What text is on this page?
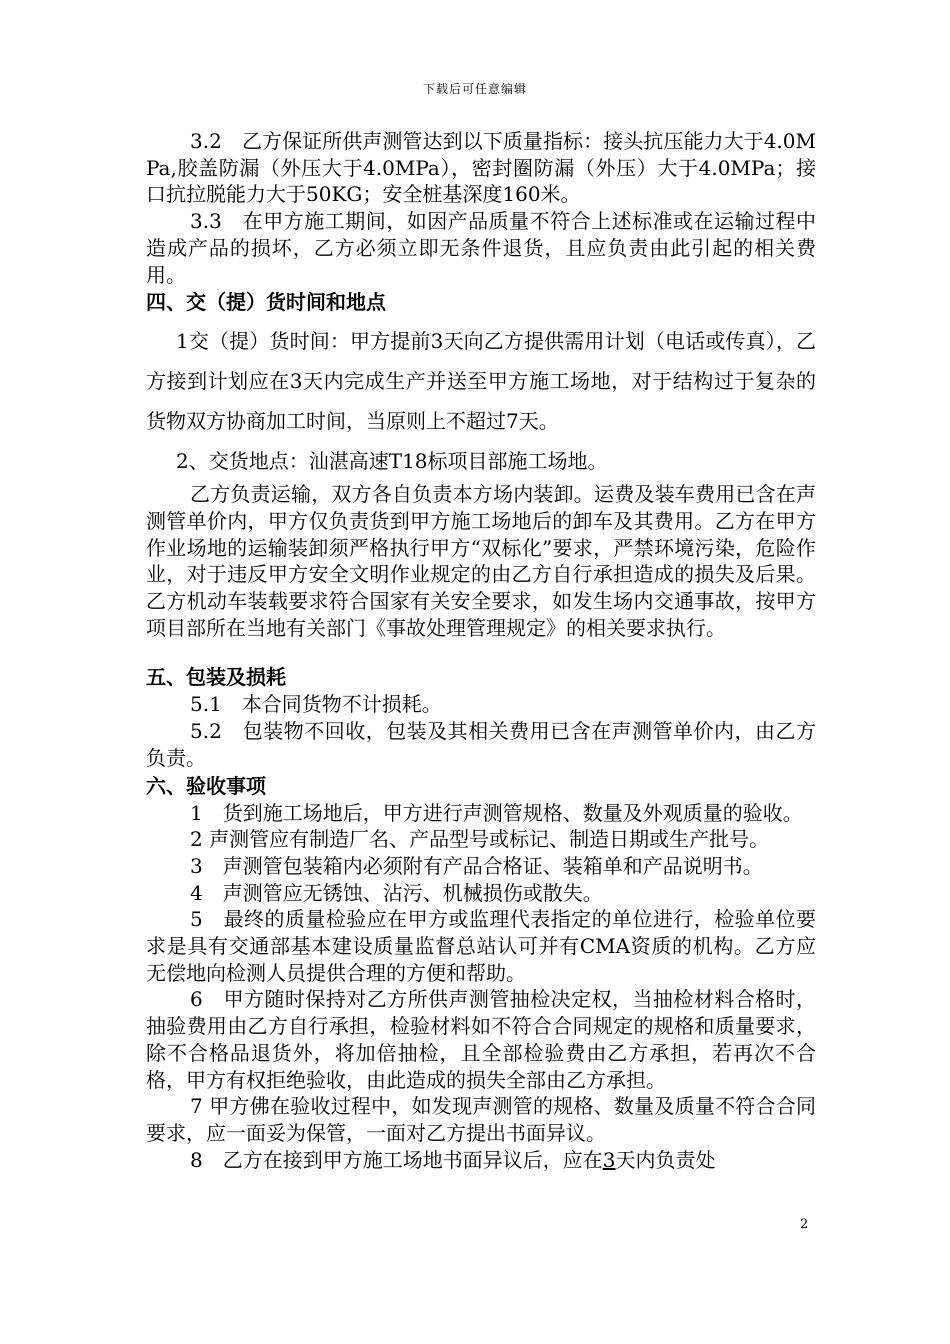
下载后可任意编辑

3.2　乙方保证所供声测管达到以下质量指标：接头抗压能力大于4.0MPa,胶盖防漏（外压大于4.0MPa），密封圈防漏（外压）大于4.0MPa；接口抗拉脱能力大于50KG；安全桩基深度160米。

3.3　在甲方施工期间，如因产品质量不符合上述标准或在运输过程中造成产品的损坏，乙方必须立即无条件退货，且应负责由此引起的相关费用。

四、交（提）货时间和地点

1交（提）货时间：甲方提前3天向乙方提供需用计划（电话或传真），乙方接到计划应在3天内完成生产并送至甲方施工场地，对于结构过于复杂的货物双方协商加工时间，当原则上不超过7天。

2、交货地点：汕湛高速T18标项目部施工场地。

乙方负责运输，双方各自负责本方场内装卸。运费及装车费用已含在声测管单价内，甲方仅负责货到甲方施工场地后的卸车及其费用。乙方在甲方作业场地的运输装卸须严格执行甲方“双标化”要求，严禁环境污染，危险作业，对于违反甲方安全文明作业规定的由乙方自行承担造成的损失及后果。乙方机动车装载要求符合国家有关安全要求，如发生场内交通事故，按甲方项目部所在当地有关部门《事故处理管理规定》的相关要求执行。

五、包装及损耗

5.1　本合同货物不计损耗。

5.2　包装物不回收，包装及其相关费用已含在声测管单价内，由乙方负责。

六、验收事项

1　货到施工场地后，甲方进行声测管规格、数量及外观质量的验收。

2 声测管应有制造厂名、产品型号或标记、制造日期或生产批号。

3　声测管包装箱内必须附有产品合格证、装箱单和产品说明书。

4　声测管应无锈蚀、沾污、机械损伤或散失。

5　最终的质量检验应在甲方或监理代表指定的单位进行，检验单位要求是具有交通部基本建设质量监督总站认可并有CMA资质的机构。乙方应无偿地向检测人员提供合理的方便和帮助。

6　甲方随时保持对乙方所供声测管抽检决定权，当抽检材料合格时，抽验费用由乙方自行承担，检验材料如不符合合同规定的规格和质量要求，除不合格品退货外，将加倍抽检，且全部检验费由乙方承担，若再次不合格，甲方有权拒绝验收，由此造成的损失全部由乙方承担。

7 甲方佛在验收过程中，如发现声测管的规格、数量及质量不符合合同要求，应一面妥为保管，一面对乙方提出书面异议。

8　乙方在接到甲方施工场地书面异议后，应在3天内负责处

2
